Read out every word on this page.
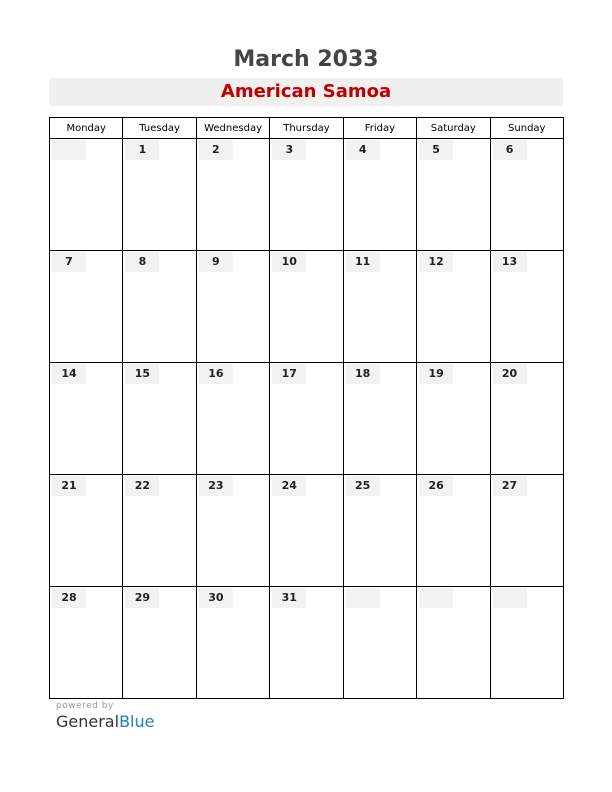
March 2033
American Samoa
Monday	Tuesday	Wednesday	Thursday	Friday	Saturday	Sunday

	1	2	3	4	5	6

7	8	9	10	11	12	13

14	15	16	17	18	19	20

21	22	23	24	25	26	27

28	29	30	31			

powered by
GeneralBlue
